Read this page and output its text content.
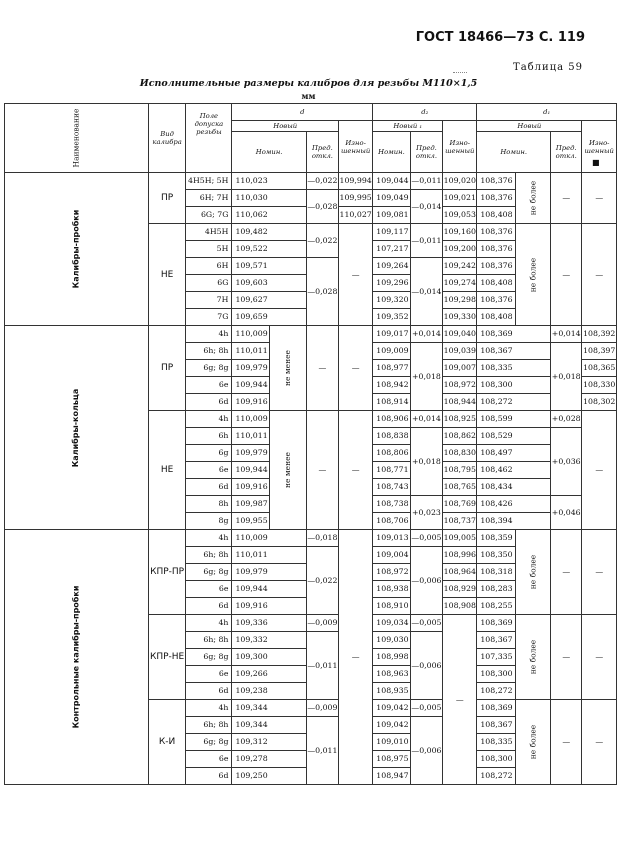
ГОСТ 18466—73 С. 119
Таблица 59
Исполнительные размеры калибров для резьбы М110×1,5
мм
■
Наименование	Вид калибра	Поле допуска резьбы	d				d₂			d₁			
			Новый			Изно-шенный	Новый ₁		Изно-шенный	Новый			Изно-шенный
			Номин.		Пред. откл.		Номин.	Пред. откл.		Номин.		Пред. откл.	
Калибры-пробки	ПР	4H5H; 5H	110,023		—0,022	109,994	109,044	—0,011	109,020	108,376	не более	—	—
		6H; 7H	110,030		—0,028	109,995	109,049	—0,014	109,021	108,376			
		6G; 7G	110,062			110,027	109,081		109,053	108,408			
	НЕ	4H5H	109,482		—0,022	—	109,117	—0,011	109,160	108,376	не более	—	—
		5H	109,522				107,217		109,200	108,376			
		6H	109,571		—0,028		109,264	—0,014	109,242	108,376			
		6G	109,603				109,296		109,274	108,408			
		7H	109,627				109,320		109,298	108,376			
		7G	109,659				109,352		109,330	108,408			
Калибры-кольца	ПР	4h	110,009	не менее	—	—	109,017	+0,014	109,040	108,369		+0,014	108,392
		6h; 8h	110,011				109,009	+0,018	109,039	108,367		+0,018	108,397
		6g; 8g	109,979				108,977		109,007	108,335			108,365
		6e	109,944				108,942		108,972	108,300			108,330
		6d	109,916				108,914		108,944	108,272			108,302
	НЕ	4h	110,009	не менее	—	—	108,906	+0,014	108,925	108,599		+0,028	—
		6h	110,011				108,838	+0,018	108,862	108,529		+0,036	
		6g	109,979				108,806		108,830	108,497			
		6e	109,944				108,771		108,795	108,462			
		6d	109,916				108,743		108,765	108,434			
		8h	109,987				108,738	+0,023	108,769	108,426		+0,046	
		8g	109,955				108,706		108,737	108,394			
Контрольные калибры-пробки	КПР-ПР	4h	110,009		—0,018	—	109,013	—0,005	109,005	108,359	не более	—	—
		6h; 8h	110,011		—0,022		109,004	—0,006	108,996	108,350			
		6g; 8g	109,979				108,972		108,964	108,318			
		6e	109,944				108,938		108,929	108,283			
		6d	109,916				108,910		108,908	108,255			
	КПР-НЕ	4h	109,336		—0,009		109,034	—0,005	—	108,369	не более	—	—
		6h; 8h	109,332		—0,011		109,030	—0,006		108,367			
		6g; 8g	109,300				108,998			107,335			
		6e	109,266				108,963			108,300			
		6d	109,238				108,935			108,272			
	К-И	4h	109,344		—0,009		109,042	—0,005		108,369	не более	—	—
		6h; 8h	109,344		—0,011		109,042	—0,006		108,367			
		6g; 8g	109,312				109,010			108,335			
		6e	109,278				108,975			108,300			
		6d	109,250				108,947			108,272			
